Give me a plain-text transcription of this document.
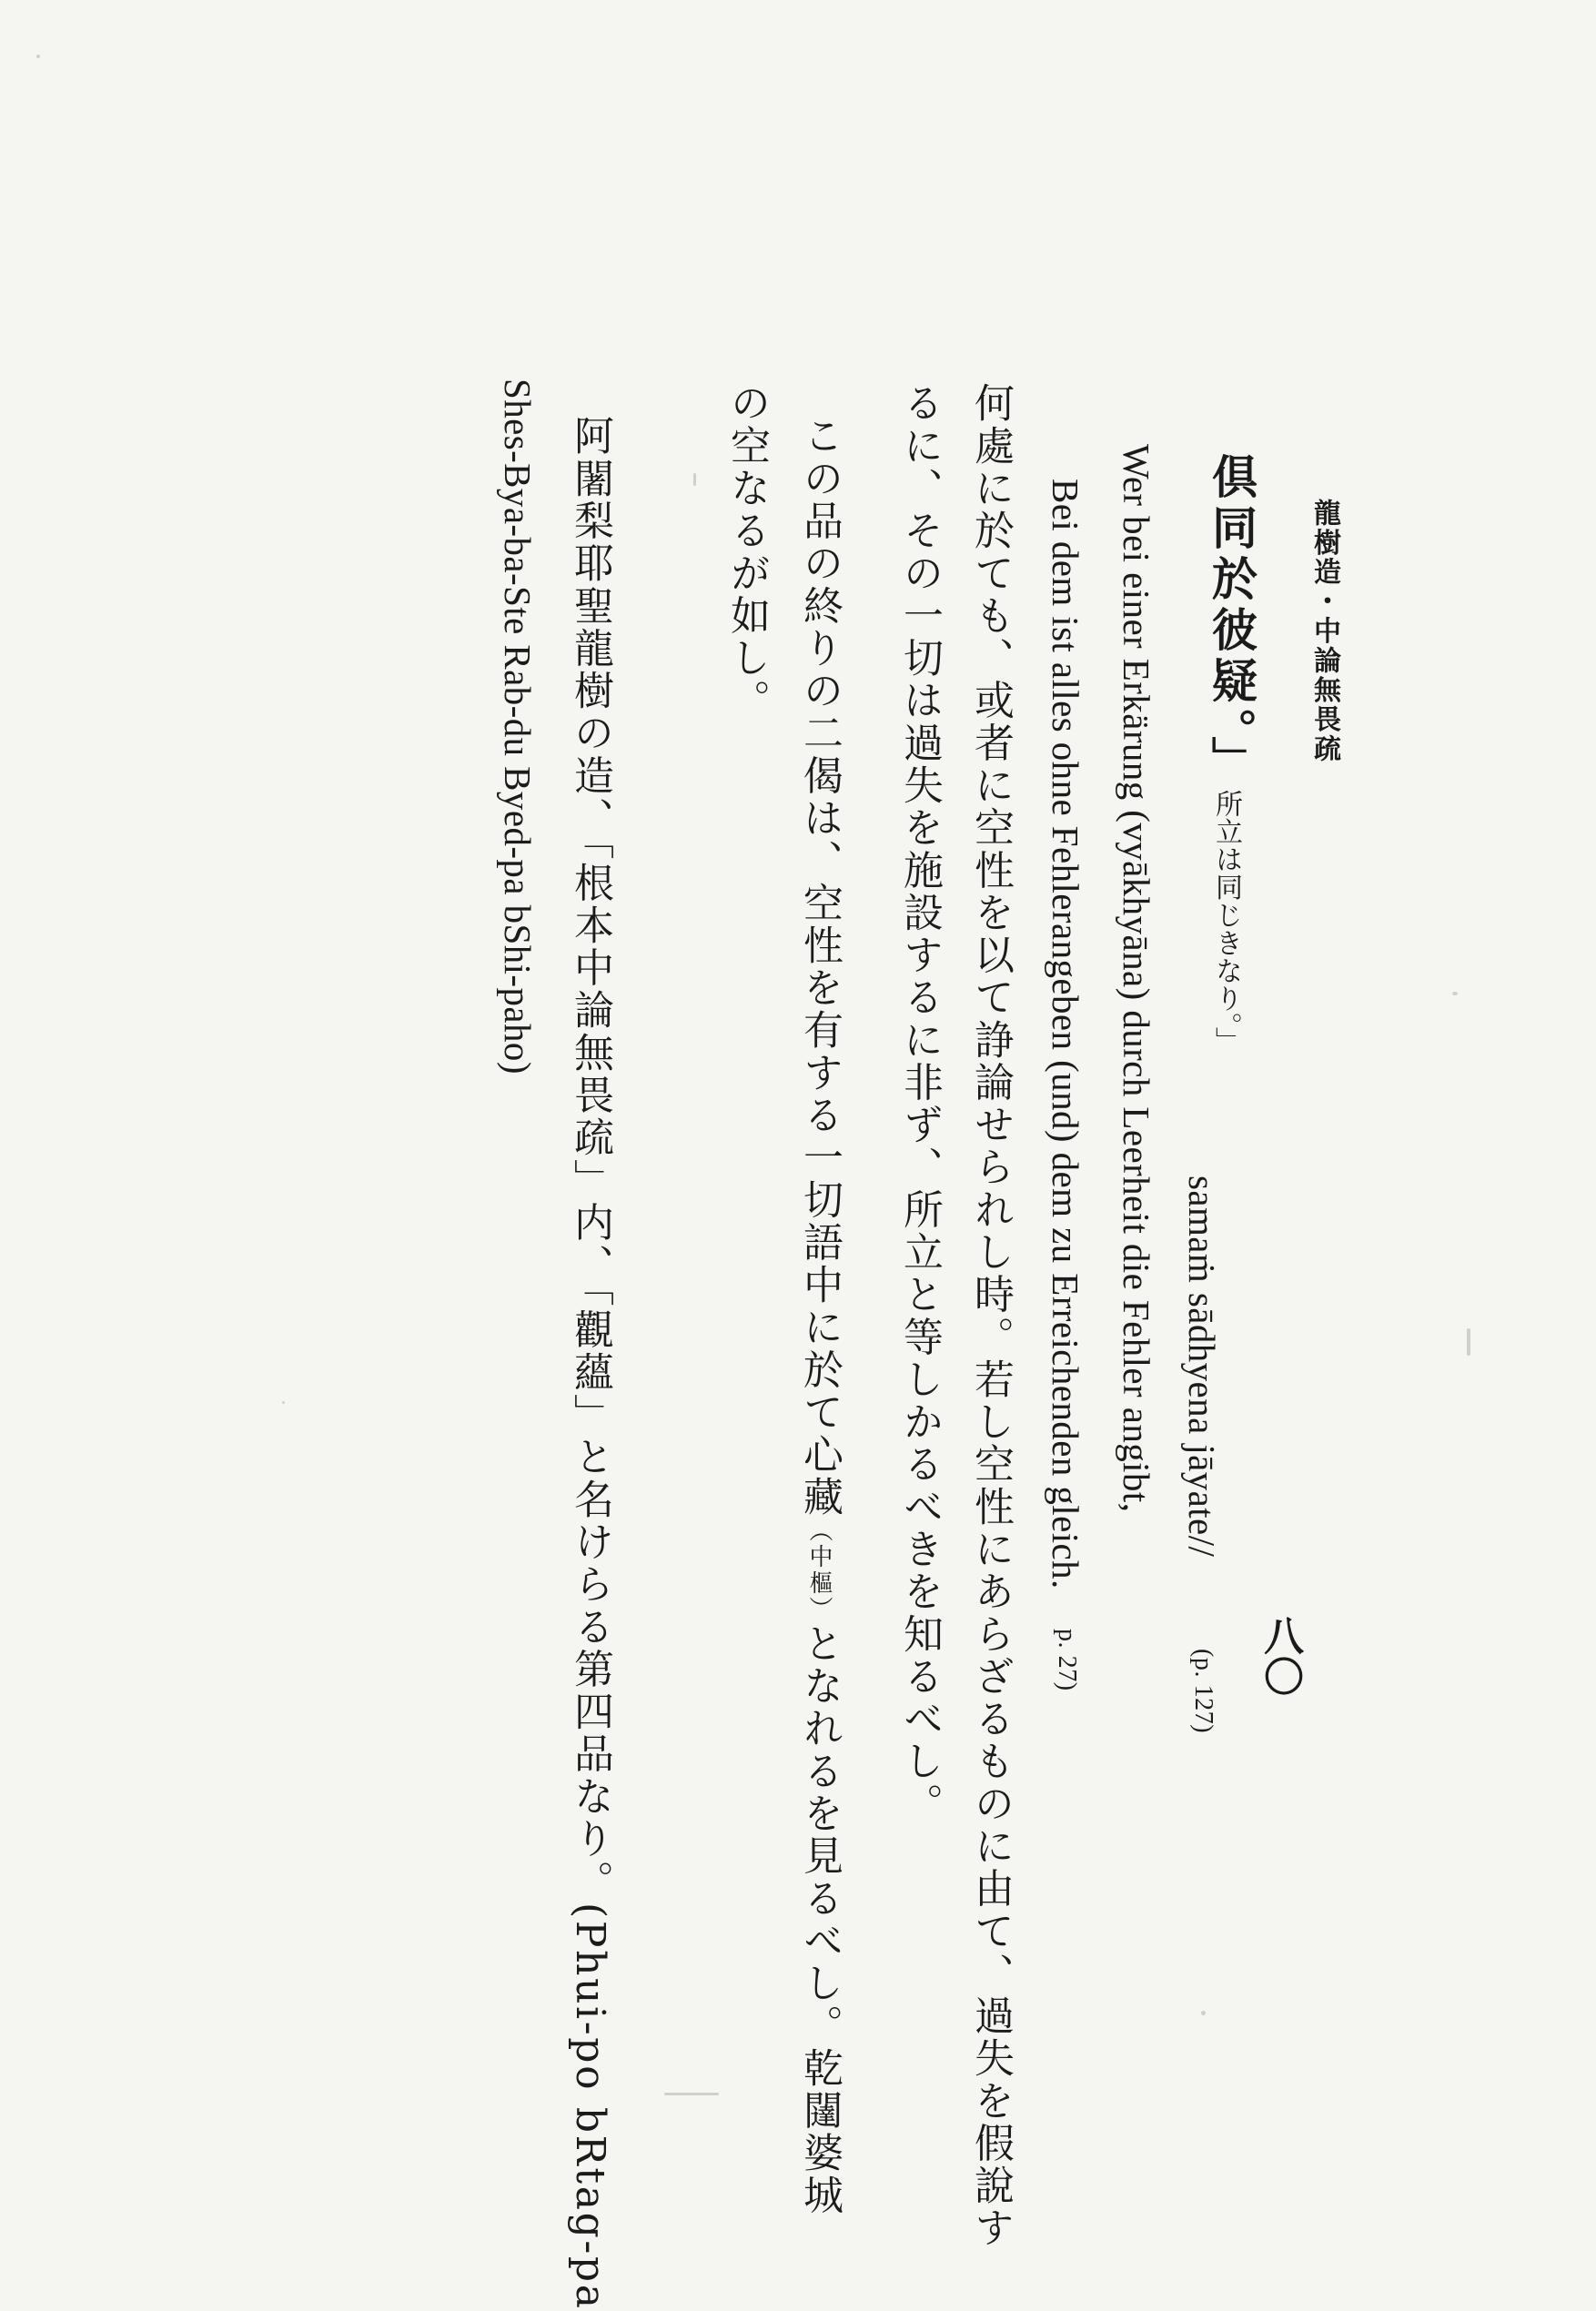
龍樹造・中論無畏疏
八〇
倶同於彼疑。」
所立は同じきなり。」
samaṁ sādhyena jāyate//
(p. 127)
Wer bei einer Erkärung (vyākhyāna) durch Leerheit die Fehler angibt,
Bei dem ist alles ohne Fehlerangeben (und) dem zu Erreichenden gleich.
p. 27)
何處に於ても、或者に空性を以て諍論せられし時。若し空性にあらざるものに由て、過失を假說す
るに、その一切は過失を施設するに非ず、所立と等しかるべきを知るべし。
この品の終りの二偈は、空性を有する一切語中に於て心藏（中樞）となれるを見るべし。乾闥婆城
の空なるが如し。
阿闍梨耶聖龍樹の造、「根本中論無畏疏」内、「觀蘊」と名けらる第四品なり。(Phui-po bRtag-pa
Shes-Bya-ba-Ste Rab-du Byed-pa bShi-paho)
